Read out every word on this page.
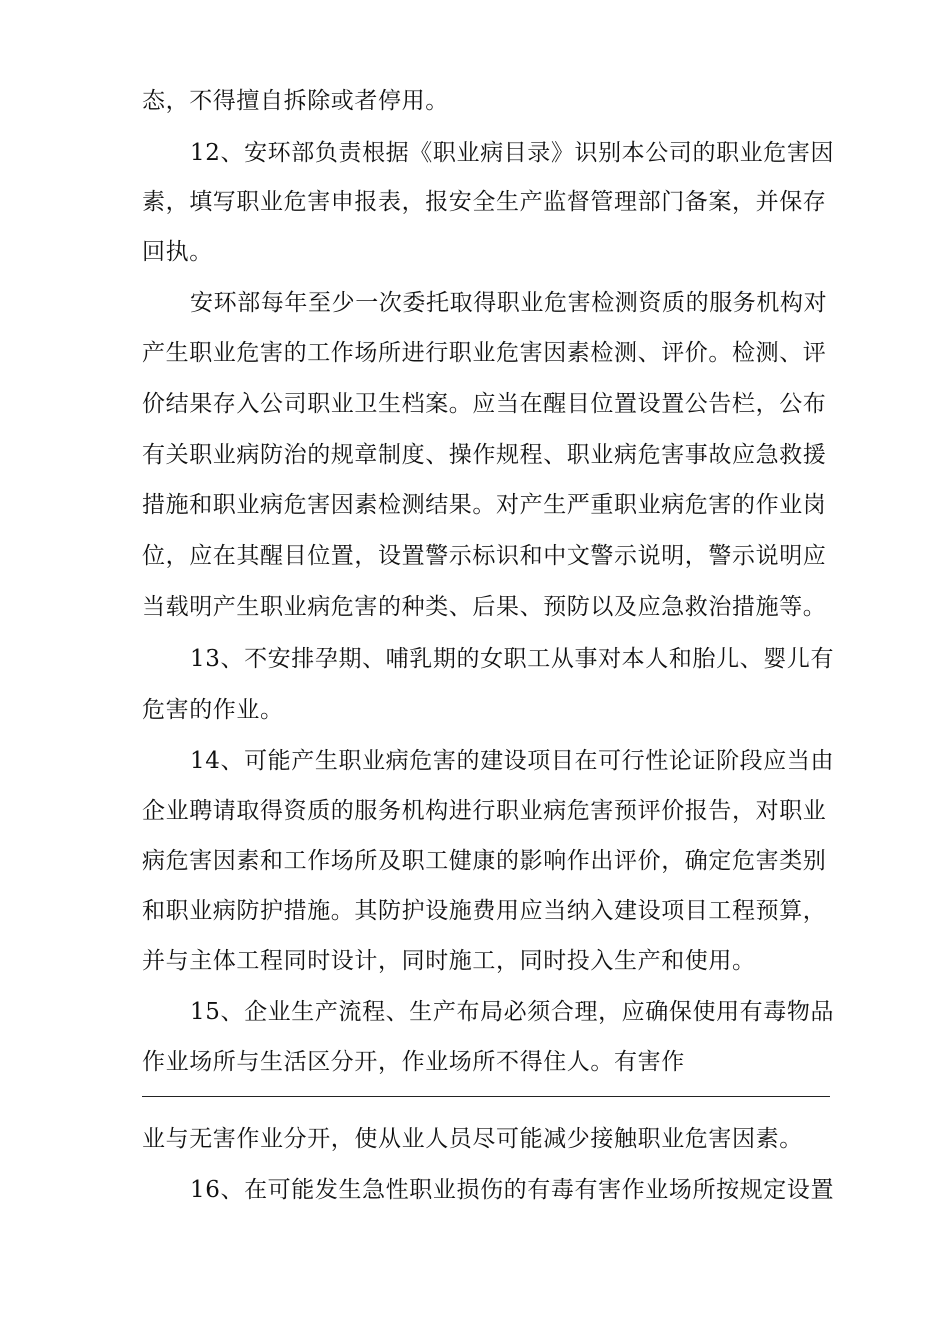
态，不得擅自拆除或者停用。
12、安环部负责根据《职业病目录》识别本公司的职业危害因
素，填写职业危害申报表，报安全生产监督管理部门备案，并保存
回执。
安环部每年至少一次委托取得职业危害检测资质的服务机构对
产生职业危害的工作场所进行职业危害因素检测、评价。检测、评
价结果存入公司职业卫生档案。应当在醒目位置设置公告栏，公布
有关职业病防治的规章制度、操作规程、职业病危害事故应急救援
措施和职业病危害因素检测结果。对产生严重职业病危害的作业岗
位，应在其醒目位置，设置警示标识和中文警示说明，警示说明应
当载明产生职业病危害的种类、后果、预防以及应急救治措施等。
13、不安排孕期、哺乳期的女职工从事对本人和胎儿、婴儿有
危害的作业。
14、可能产生职业病危害的建设项目在可行性论证阶段应当由
企业聘请取得资质的服务机构进行职业病危害预评价报告，对职业
病危害因素和工作场所及职工健康的影响作出评价，确定危害类别
和职业病防护措施。其防护设施费用应当纳入建设项目工程预算，
并与主体工程同时设计，同时施工，同时投入生产和使用。
15、企业生产流程、生产布局必须合理，应确保使用有毒物品
作业场所与生活区分开，作业场所不得住人。有害作
业与无害作业分开，使从业人员尽可能减少接触职业危害因素。
16、在可能发生急性职业损伤的有毒有害作业场所按规定设置
